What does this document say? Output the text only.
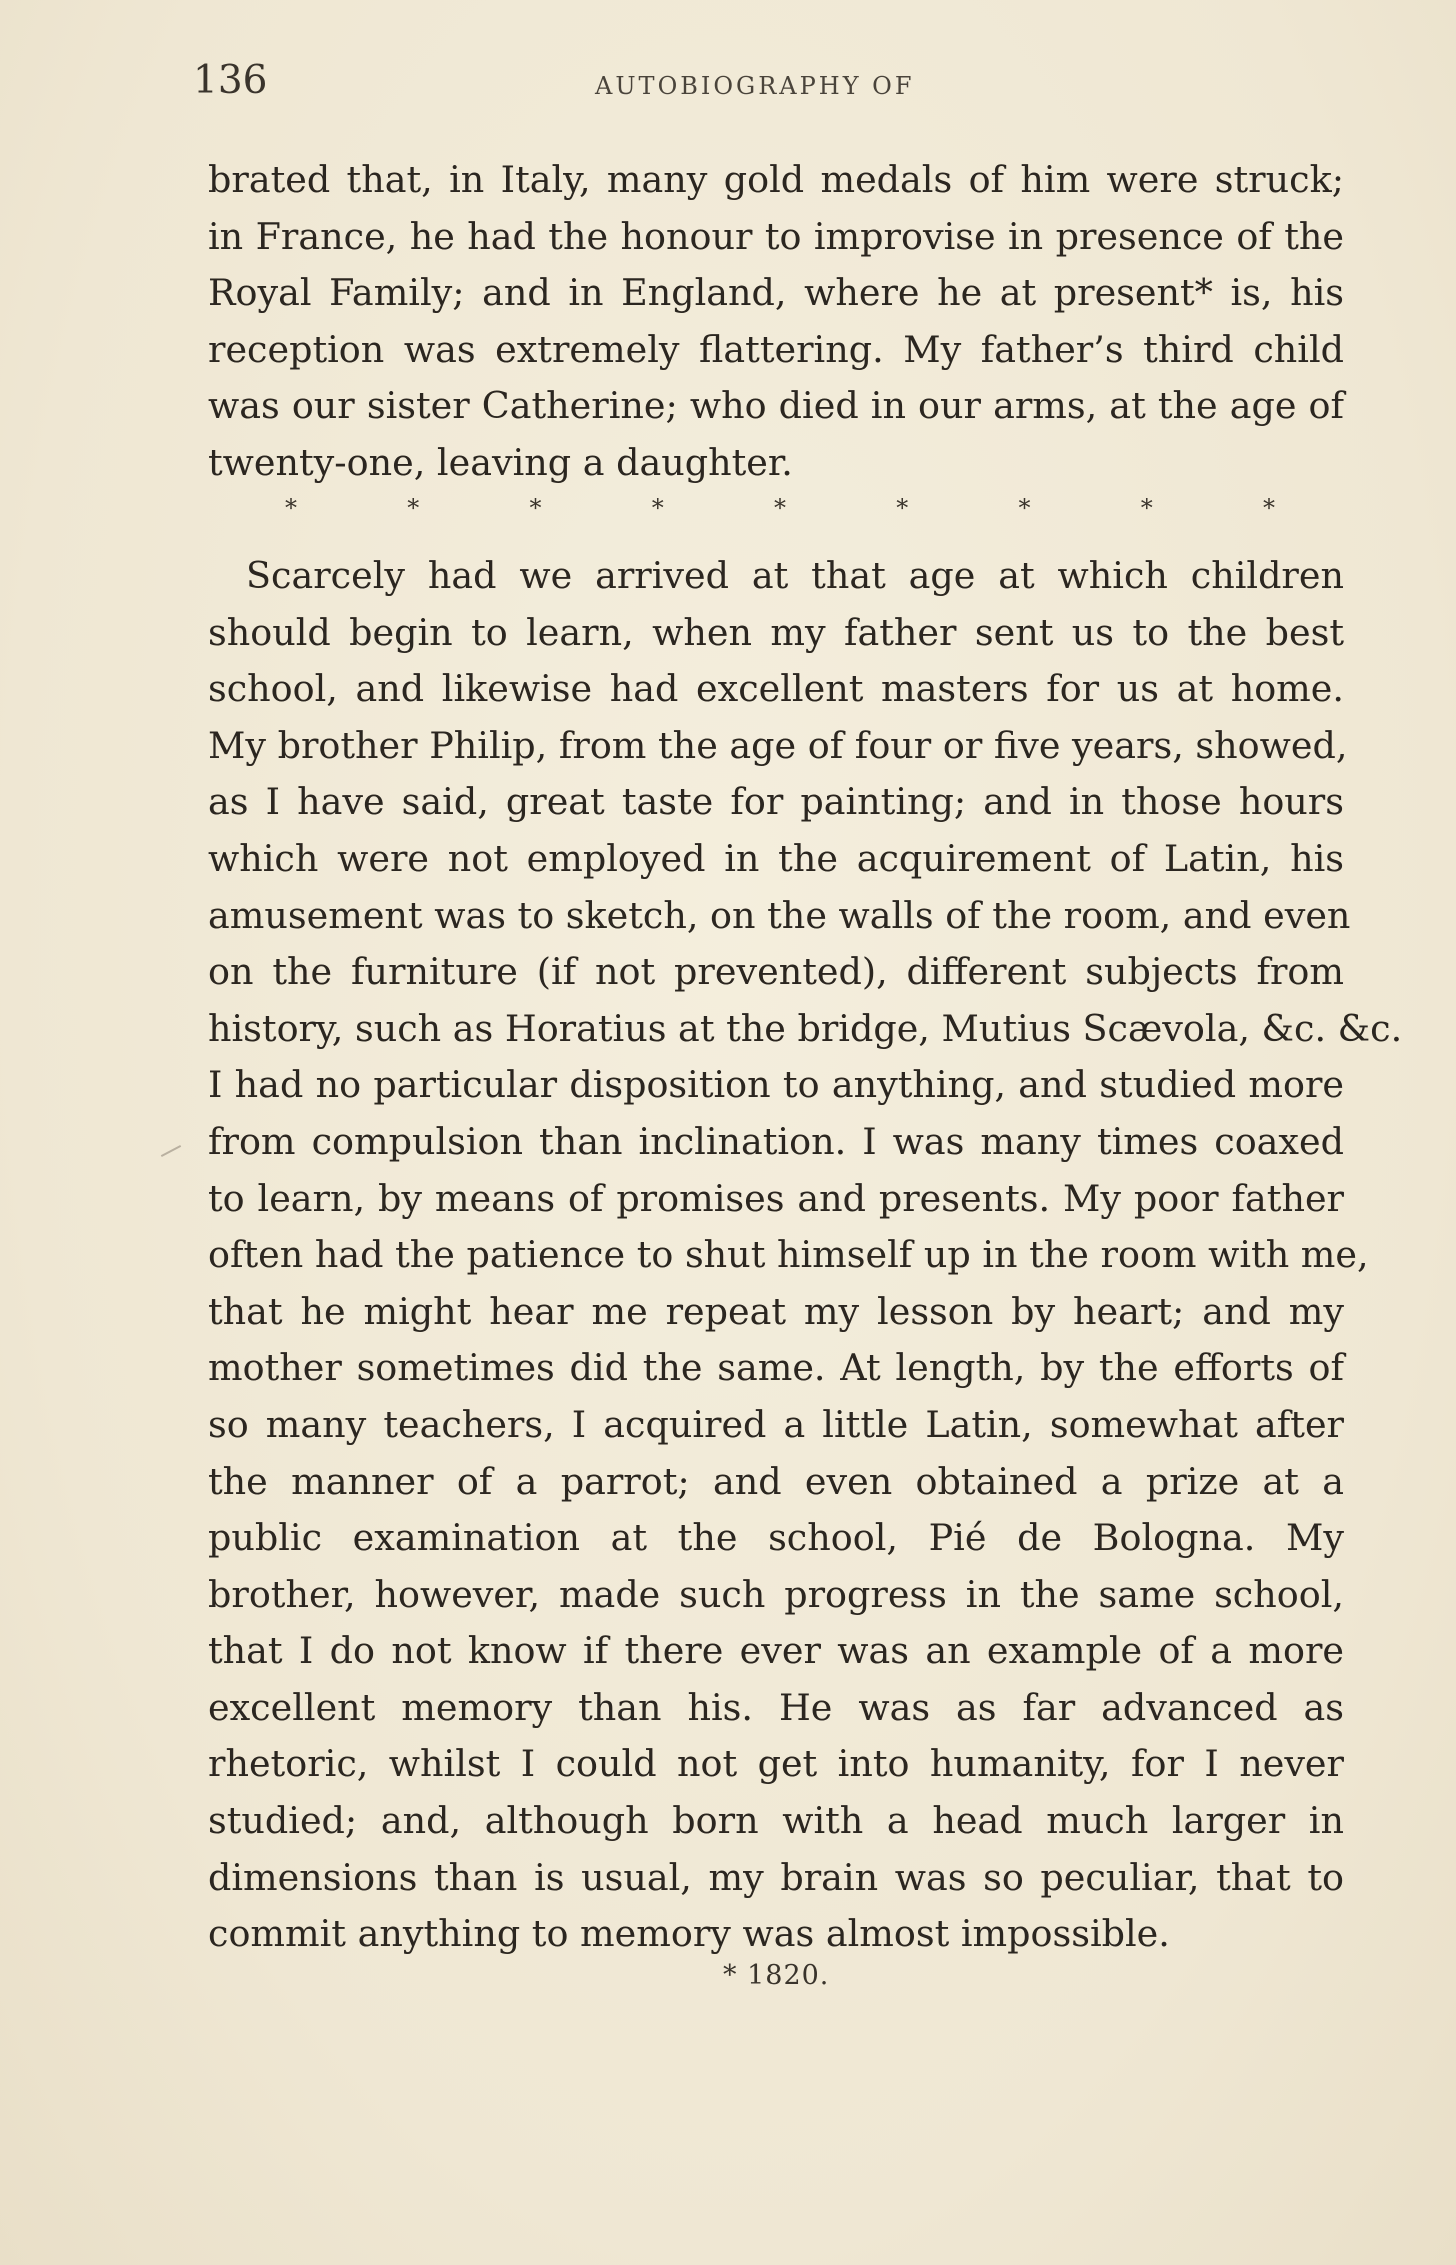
136	AUTOBIOGRAPHY OF
brated that, in Italy, many gold medals of him were struck;
in France, he had the honour to improvise in presence of the
Royal Family; and in England, where he at present* is, his
reception was extremely flattering. My father’s third child
was our sister Catherine; who died in our arms, at the age of
twenty-one, leaving a daughter.
*	*	*	*	*	*	*	*	*
Scarcely had we arrived at that age at which children
should begin to learn, when my father sent us to the best
school, and likewise had excellent masters for us at home.
My brother Philip, from the age of four or five years, showed,
as I have said, great taste for painting; and in those hours
which were not employed in the acquirement of Latin, his
amusement was to sketch, on the walls of the room, and even
on the furniture (if not prevented), different subjects from
history, such as Horatius at the bridge, Mutius Scævola, &c. &c.
I had no particular disposition to anything, and studied more
from compulsion than inclination. I was many times coaxed
to learn, by means of promises and presents. My poor father
often had the patience to shut himself up in the room with me,
that he might hear me repeat my lesson by heart; and my
mother sometimes did the same. At length, by the efforts of
so many teachers, I acquired a little Latin, somewhat after
the manner of a parrot; and even obtained a prize at a
public examination at the school, Pié de Bologna. My
brother, however, made such progress in the same school,
that I do not know if there ever was an example of a more
excellent memory than his. He was as far advanced as
rhetoric, whilst I could not get into humanity, for I never
studied; and, although born with a head much larger in
dimensions than is usual, my brain was so peculiar, that to
commit anything to memory was almost impossible.
* 1820.
